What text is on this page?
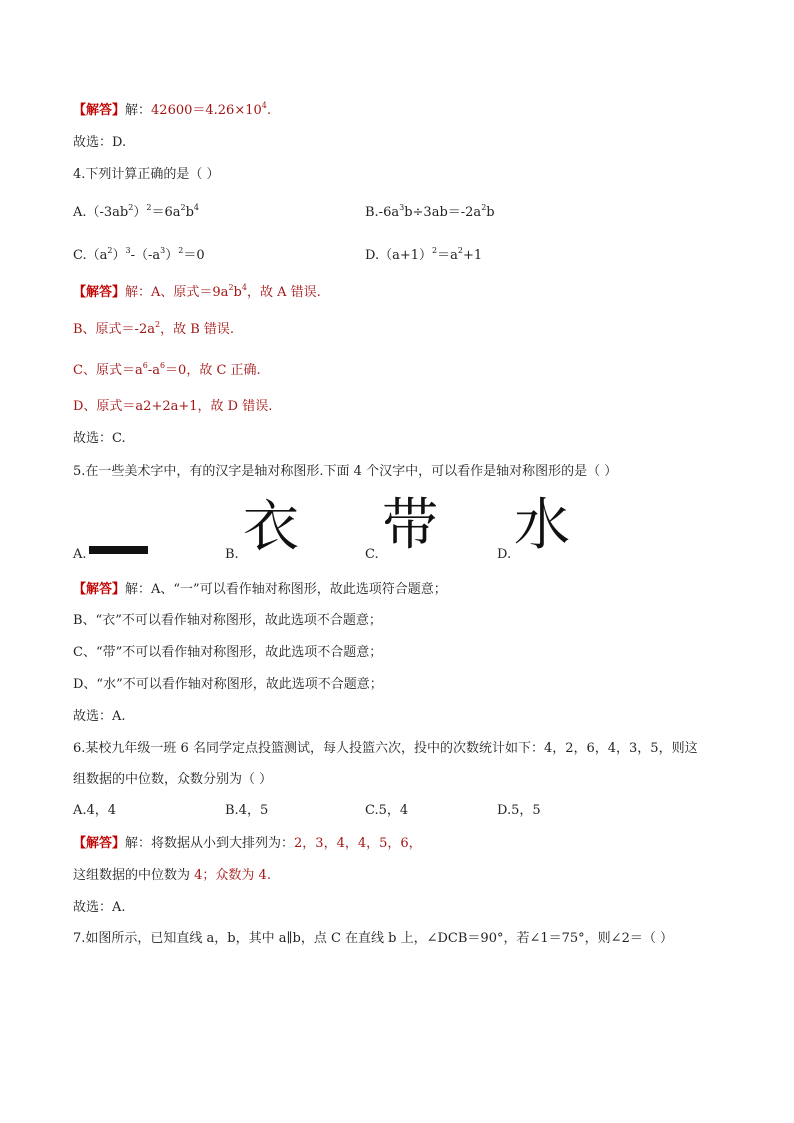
【解答】解：$42600=4.26\times 10^4$.
故选：D.
4.下列计算正确的是（ ）
$A.(-3ab^2)^2=6a^2b^4$	$B.-6a^3b\div 3ab=-2a^2b$
$C.(a^2)^3-(-a^3)^2=0$	$D.(a+1)^2=a^2+1$
【解答】解：A、原式$=9a^2b^4$，故 A 错误.
B、原式$=-2a^2$，故 B 错误.
C、原式$=a^6-a^6=0$，故 C 正确.
D、原式＝a2+2a+1，故 D 错误.
故选：C.
5.在一些美术字中，有的汉字是轴对称图形.下面 4 个汉字中，可以看作是轴对称图形的是（ ）
A.	B. 衣	C. 带	D. 水
【解答】解：A、“一”可以看作轴对称图形，故此选项符合题意；
B、“衣”不可以看作轴对称图形，故此选项不合题意；
C、“带”不可以看作轴对称图形，故此选项不合题意；
D、“水”不可以看作轴对称图形，故此选项不合题意；
故选：A.
6.某校九年级一班 6 名同学定点投篮测试，每人投篮六次，投中的次数统计如下：4，2，6，4，3，5，则这
组数据的中位数，众数分别为（ ）
A.4，4	B.4，5	C.5，4	D.5，5
【解答】解：将数据从小到大排列为：2，3，4，4，5，6，
这组数据的中位数为 4；众数为 4.
故选：A.
7.如图所示，已知直线 a，b，其中 a∥b，点 C 在直线 b 上，∠DCB＝90°，若∠1＝75°，则∠2＝（ ）
